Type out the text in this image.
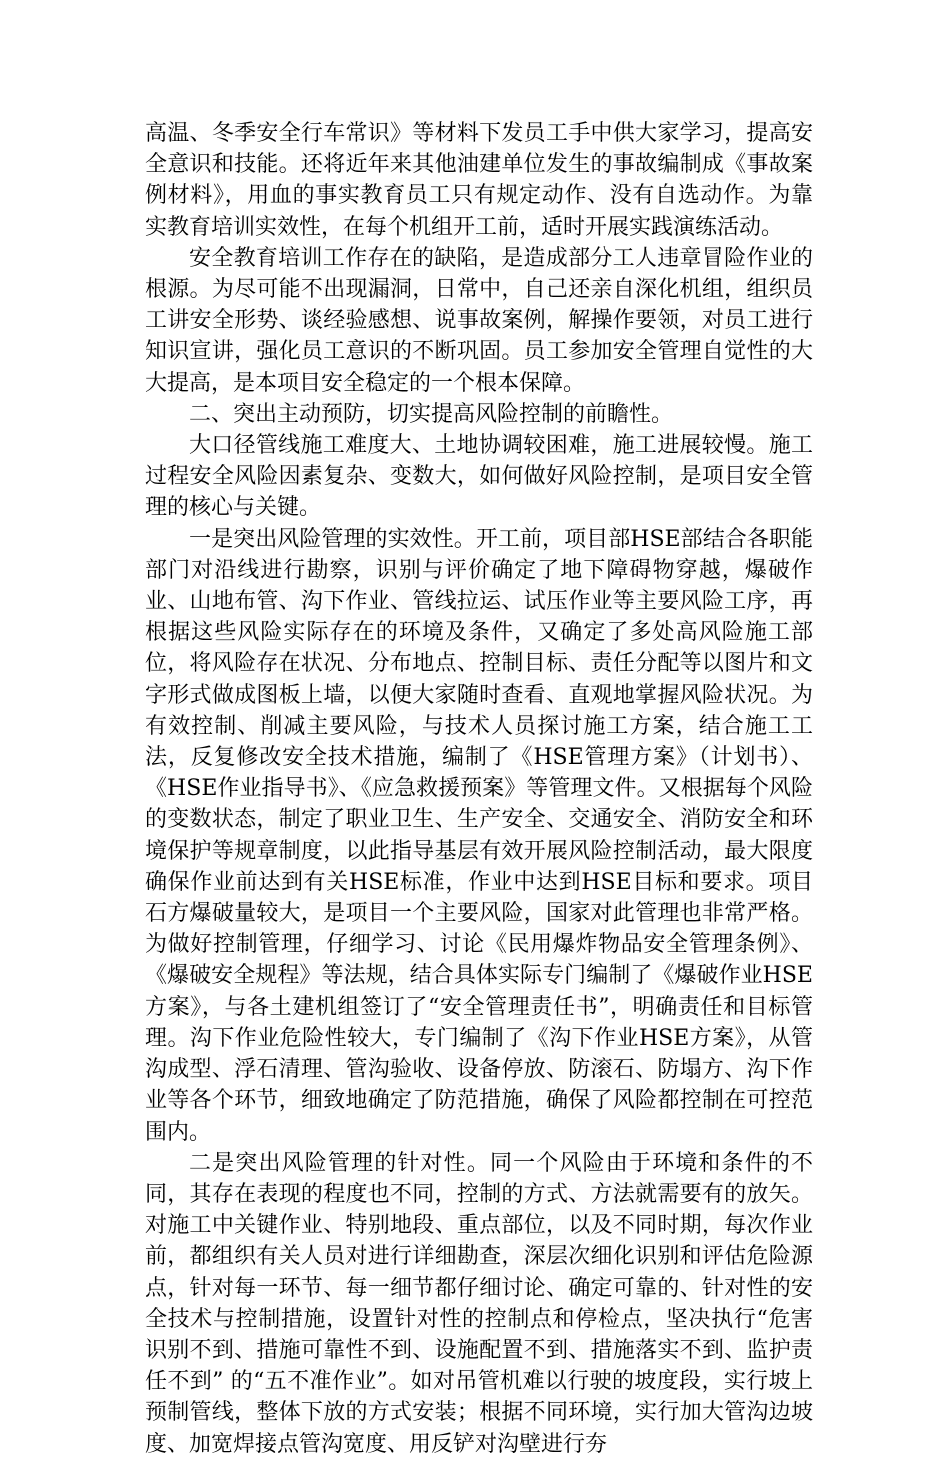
高温、冬季安全行车常识》等材料下发员工手中供大家学习，提高安全意识和技能。还将近年来其他油建单位发生的事故编制成《事故案例材料》，用血的事实教育员工只有规定动作、没有自选动作。为靠实教育培训实效性，在每个机组开工前，适时开展实践演练活动。

安全教育培训工作存在的缺陷，是造成部分工人违章冒险作业的根源。为尽可能不出现漏洞，日常中，自己还亲自深化机组，组织员工讲安全形势、谈经验感想、说事故案例，解操作要领，对员工进行知识宣讲，强化员工意识的不断巩固。员工参加安全管理自觉性的大大提高，是本项目安全稳定的一个根本保障。

二、突出主动预防，切实提高风险控制的前瞻性。

大口径管线施工难度大、土地协调较困难，施工进展较慢。施工过程安全风险因素复杂、变数大，如何做好风险控制，是项目安全管理的核心与关键。

一是突出风险管理的实效性。开工前，项目部HSE部结合各职能部门对沿线进行勘察，识别与评价确定了地下障碍物穿越，爆破作业、山地布管、沟下作业、管线拉运、试压作业等主要风险工序，再根据这些风险实际存在的环境及条件，又确定了多处高风险施工部位，将风险存在状况、分布地点、控制目标、责任分配等以图片和文字形式做成图板上墙，以便大家随时查看、直观地掌握风险状况。为有效控制、削减主要风险，与技术人员探讨施工方案，结合施工工法，反复修改安全技术措施，编制了《HSE管理方案》（计划书）、《HSE作业指导书》、《应急救援预案》等管理文件。又根据每个风险的变数状态，制定了职业卫生、生产安全、交通安全、消防安全和环境保护等规章制度，以此指导基层有效开展风险控制活动，最大限度确保作业前达到有关HSE标准，作业中达到HSE目标和要求。项目石方爆破量较大，是项目一个主要风险，国家对此管理也非常严格。为做好控制管理，仔细学习、讨论《民用爆炸物品安全管理条例》、《爆破安全规程》等法规，结合具体实际专门编制了《爆破作业HSE方案》，与各土建机组签订了“安全管理责任书”，明确责任和目标管理。沟下作业危险性较大，专门编制了《沟下作业HSE方案》，从管沟成型、浮石清理、管沟验收、设备停放、防滚石、防塌方、沟下作业等各个环节，细致地确定了防范措施，确保了风险都控制在可控范围内。

二是突出风险管理的针对性。同一个风险由于环境和条件的不同，其存在表现的程度也不同，控制的方式、方法就需要有的放矢。对施工中关键作业、特别地段、重点部位，以及不同时期，每次作业前，都组织有关人员对进行详细勘查，深层次细化识别和评估危险源点，针对每一环节、每一细节都仔细讨论、确定可靠的、针对性的安全技术与控制措施，设置针对性的控制点和停检点，坚决执行“危害识别不到、措施可靠性不到、设施配置不到、措施落实不到、监护责任不到” 的“五不准作业”。如对吊管机难以行驶的坡度段，实行坡上预制管线，整体下放的方式安装；根据不同环境，实行加大管沟边坡度、加宽焊接点管沟宽度、用反铲对沟壁进行夯
